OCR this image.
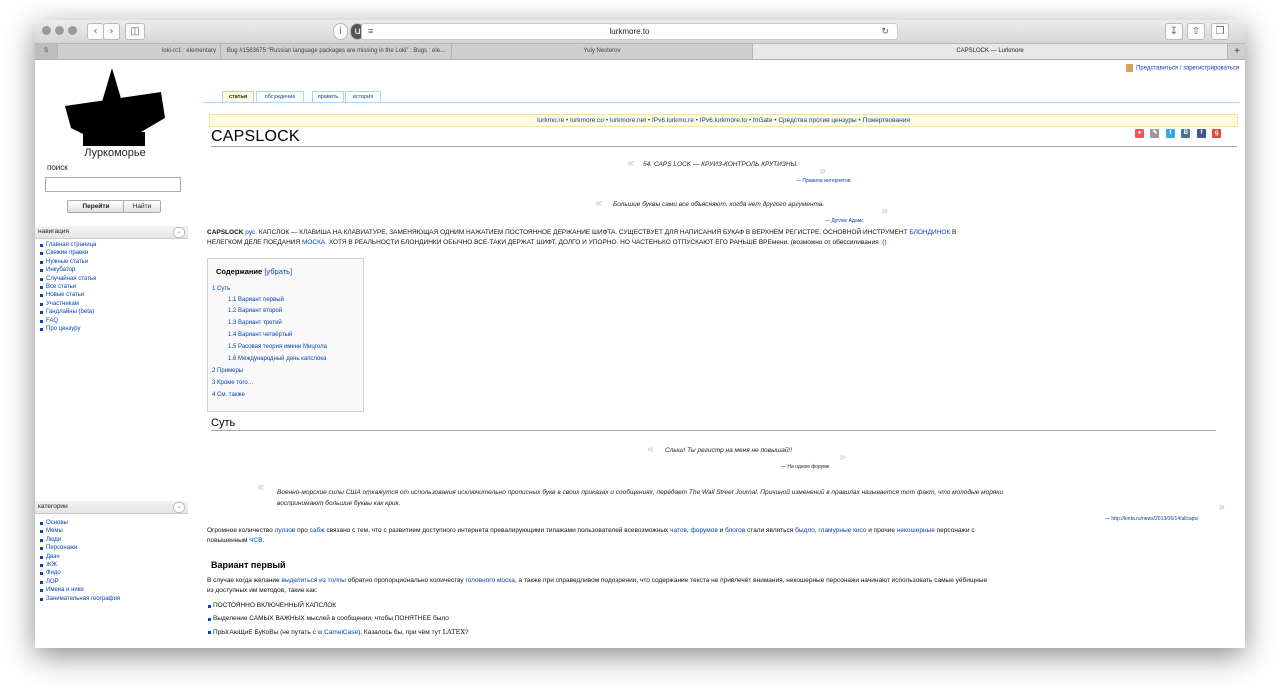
‹	›	◫	i	u ≡	lurkmore.to	↻	↧	⇧	❐
S	loki-rc1 : elementary	Bug #1583675 “Russian language packages are missing in the Loki” : Bugs : ele...	Yuly Nesterov	CAPSLOCK — Lurkmore	+
Луркоморье
поиск
Перейти	Найти
навигация	⌄
Главная страница
Свежие правки
Нужные статьи
Инкубатор
Случайная статья
Все статьи
Новые статьи
Участникам
Гандлайны (beta)
FAQ
Про цензуру
категории	⌄
Основы
Мемы
Люди
Персонажи
Двач
ЖЖ
Фидо
ЛОР
Имена и ники
Занимательная география
Представиться / зарегистрироваться
статья	обсуждение	править	история
lurkmo.re • lurkmore.co • lurkmore.net • IPv6.lurkmo.re • IPv6.lurkmore.to • friGate • Средства против цензуры • Пожертвования
CAPSLOCK	● ✎ t B f g
« 54. CAPS LOCK — КРУИЗ-КОНТРОЛЬ КРУТИЗНЫ. »
— Правила интернетов
« Большие буквы сами все объясняют, когда нет другого аргумента.	»
— Дуглас Адамс
CAPSLOCK рус. КАПСЛОК — КЛАВИША НА КЛАВИАТУРЕ, ЗАМЕНЯЮЩАЯ ОДНИМ НАЖАТИЕМ ПОСТОЯННОЕ ДЕРЖАНИЕ ШИФТА. СУЩЕСТВУЕТ ДЛЯ НАПИСАНИЯ БУКАФ В ВЕРХНЕМ РЕГИСТРЕ. ОСНОВНОЙ ИНСТРУМЕНТ БЛОНДИНОК В
НЕЛЕГКОМ ДЕЛЕ ПОЕДАНИЯ МОСКА. ХОТЯ В РЕАЛЬНОСТИ БЛОНДИНКИ ОБЫЧНО ВСЕ-ТАКИ ДЕРЖАТ ШИФТ, ДОЛГО И УПОРНО. НО ЧАСТЕНЬКО ОТПУСКАЮТ ЕГО РАНЬШЕ ВРЕмени. (возможно от обессиливания :()
Содержание [убрать]
1 Суть
1.1 Вариант первый
1.2 Вариант второй
1.3 Вариант третий
1.4 Вариант четвёртый
1.5 Расовая теория имени Мицгола
1.6 Международный день капслока
2 Примеры
3 Кроме того…
4 См. также
Суть
« Слыш! Ты регистр на меня не повышай!!	»
— На одном форуме
« Военно-морские силы США откажутся от использования исключительно прописных букв в своих приказах и сообщениях, передает The Wall Street Journal. Причиной изменений в правилах называется тот факт, что молодые моряки
воспринимают большие буквы как крик.	»
— http://lenta.ru/news/2013/06/14/allcaps/
Огромное количество лулзов про сабж связано с тем, что с развитием доступного интернета превалирующими типажами пользователей всевозможных чатов, форумов и блогов стали являться быдло, гламурные кисо и прочие некошерные персонажи с
повышенным ЧСВ.
Вариант первый
В случае когда желание выделиться из толпы обратно пропорционально количеству головного моска, а также при справедливом подозрении, что содержание текста не привлечёт внимания, некошерные персонажи начинают использовать самые уёбищные
из доступных им методов, такие как:
ПОСТОЯННО ВКЛЮЧЕННЫЙ КАПСЛОК
Выделение САМЫХ ВАЖНЫХ мыслей в сообщении, чтобы ПОНЯТНЕЕ было
ПрЫгАюЩиЕ БуКоВы (не путать с w:CamelCase). Казалось бы, при чём тут LATEX?
